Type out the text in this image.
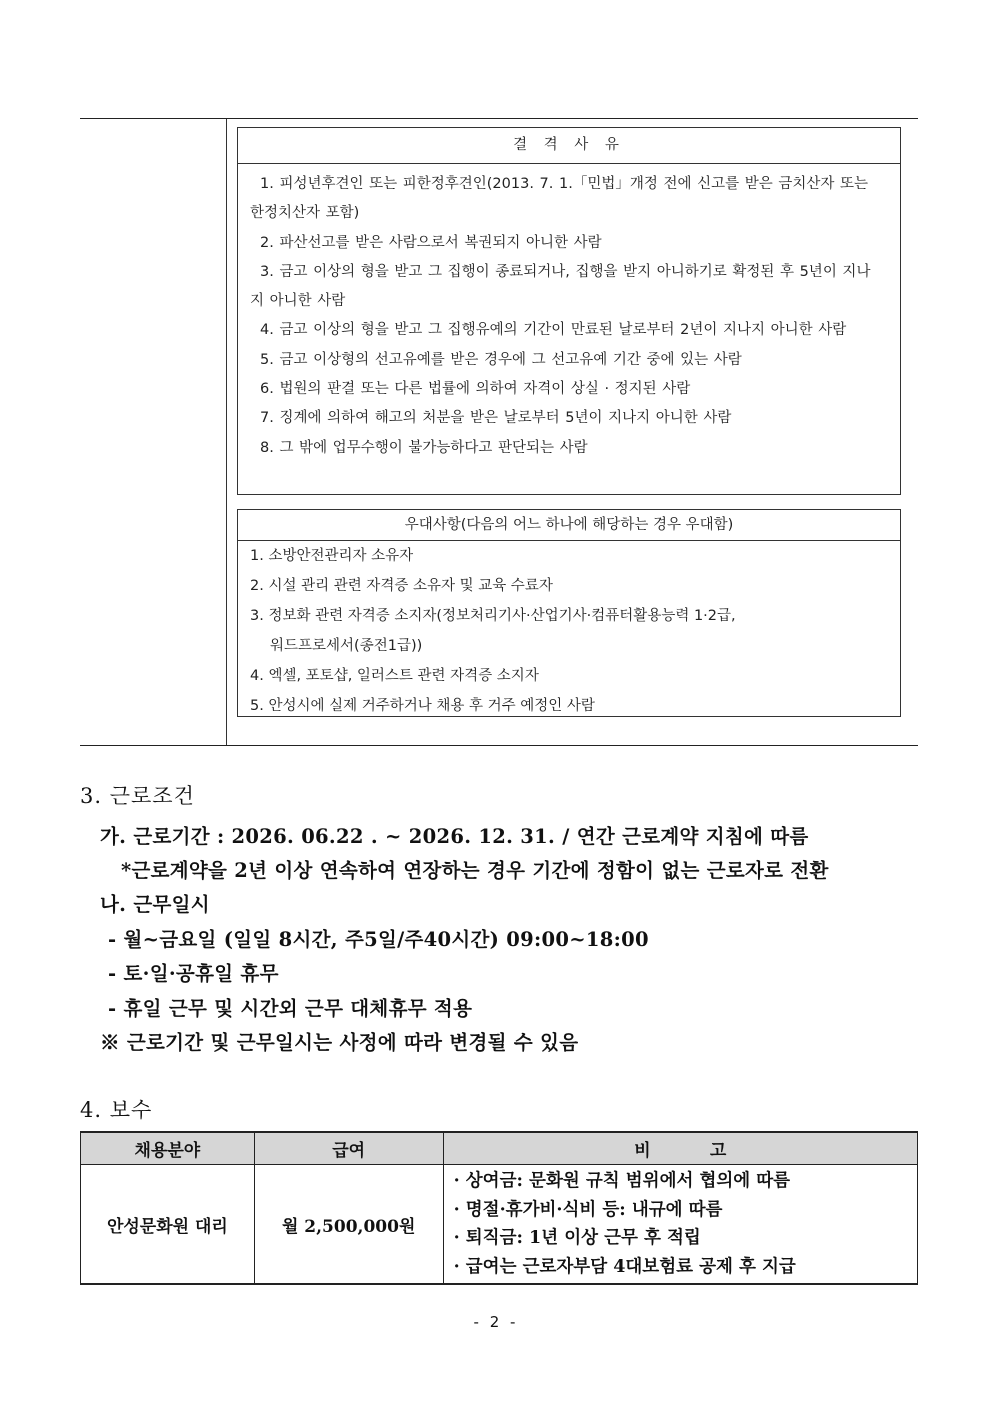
결 격 사 유
1. 피성년후견인 또는 피한정후견인(2013. 7. 1.「민법」개정 전에 신고를 받은 금치산자 또는 한정치산자 포함)
2. 파산선고를 받은 사람으로서 복권되지 아니한 사람
3. 금고 이상의 형을 받고 그 집행이 종료되거나, 집행을 받지 아니하기로 확정된 후 5년이 지나지 아니한 사람
4. 금고 이상의 형을 받고 그 집행유예의 기간이 만료된 날로부터 2년이 지나지 아니한 사람
5. 금고 이상형의 선고유예를 받은 경우에 그 선고유예 기간 중에 있는 사람
6. 법원의 판결 또는 다른 법률에 의하여 자격이 상실 · 정지된 사람
7. 징계에 의하여 해고의 처분을 받은 날로부터 5년이 지나지 아니한 사람
8. 그 밖에 업무수행이 불가능하다고 판단되는 사람
우대사항(다음의 어느 하나에 해당하는 경우 우대함)
1. 소방안전관리자 소유자
2. 시설 관리 관련 자격증 소유자 및 교육 수료자
3. 정보화 관련 자격증 소지자(정보처리기사·산업기사·컴퓨터활용능력 1·2급,
워드프로세서(종전1급))
4. 엑셀, 포토샵, 일러스트 관련 자격증 소지자
5. 안성시에 실제 거주하거나 채용 후 거주 예정인 사람
3. 근로조건
가. 근로기간 : 2026. 06.22 . ~ 2026. 12. 31. / 연간 근로계약 지침에 따름
*근로계약을 2년 이상 연속하여 연장하는 경우 기간에 정함이 없는 근로자로 전환
나. 근무일시
- 월~금요일 (일일 8시간, 주5일/주40시간) 09:00~18:00
- 토·일·공휴일 휴무
- 휴일 근무 및 시간외 근무 대체휴무 적용
※ 근로기간 및 근무일시는 사정에 따라 변경될 수 있음
4. 보수
채용분야	급여	비          고
안성문화원 대리	월 2,500,000원	· 상여금: 문화원 규칙 범위에서 협의에 따름
· 명절·휴가비·식비 등: 내규에 따름
· 퇴직금: 1년 이상 근무 후 적립
· 급여는 근로자부담 4대보험료 공제 후 지급
- 2 -
